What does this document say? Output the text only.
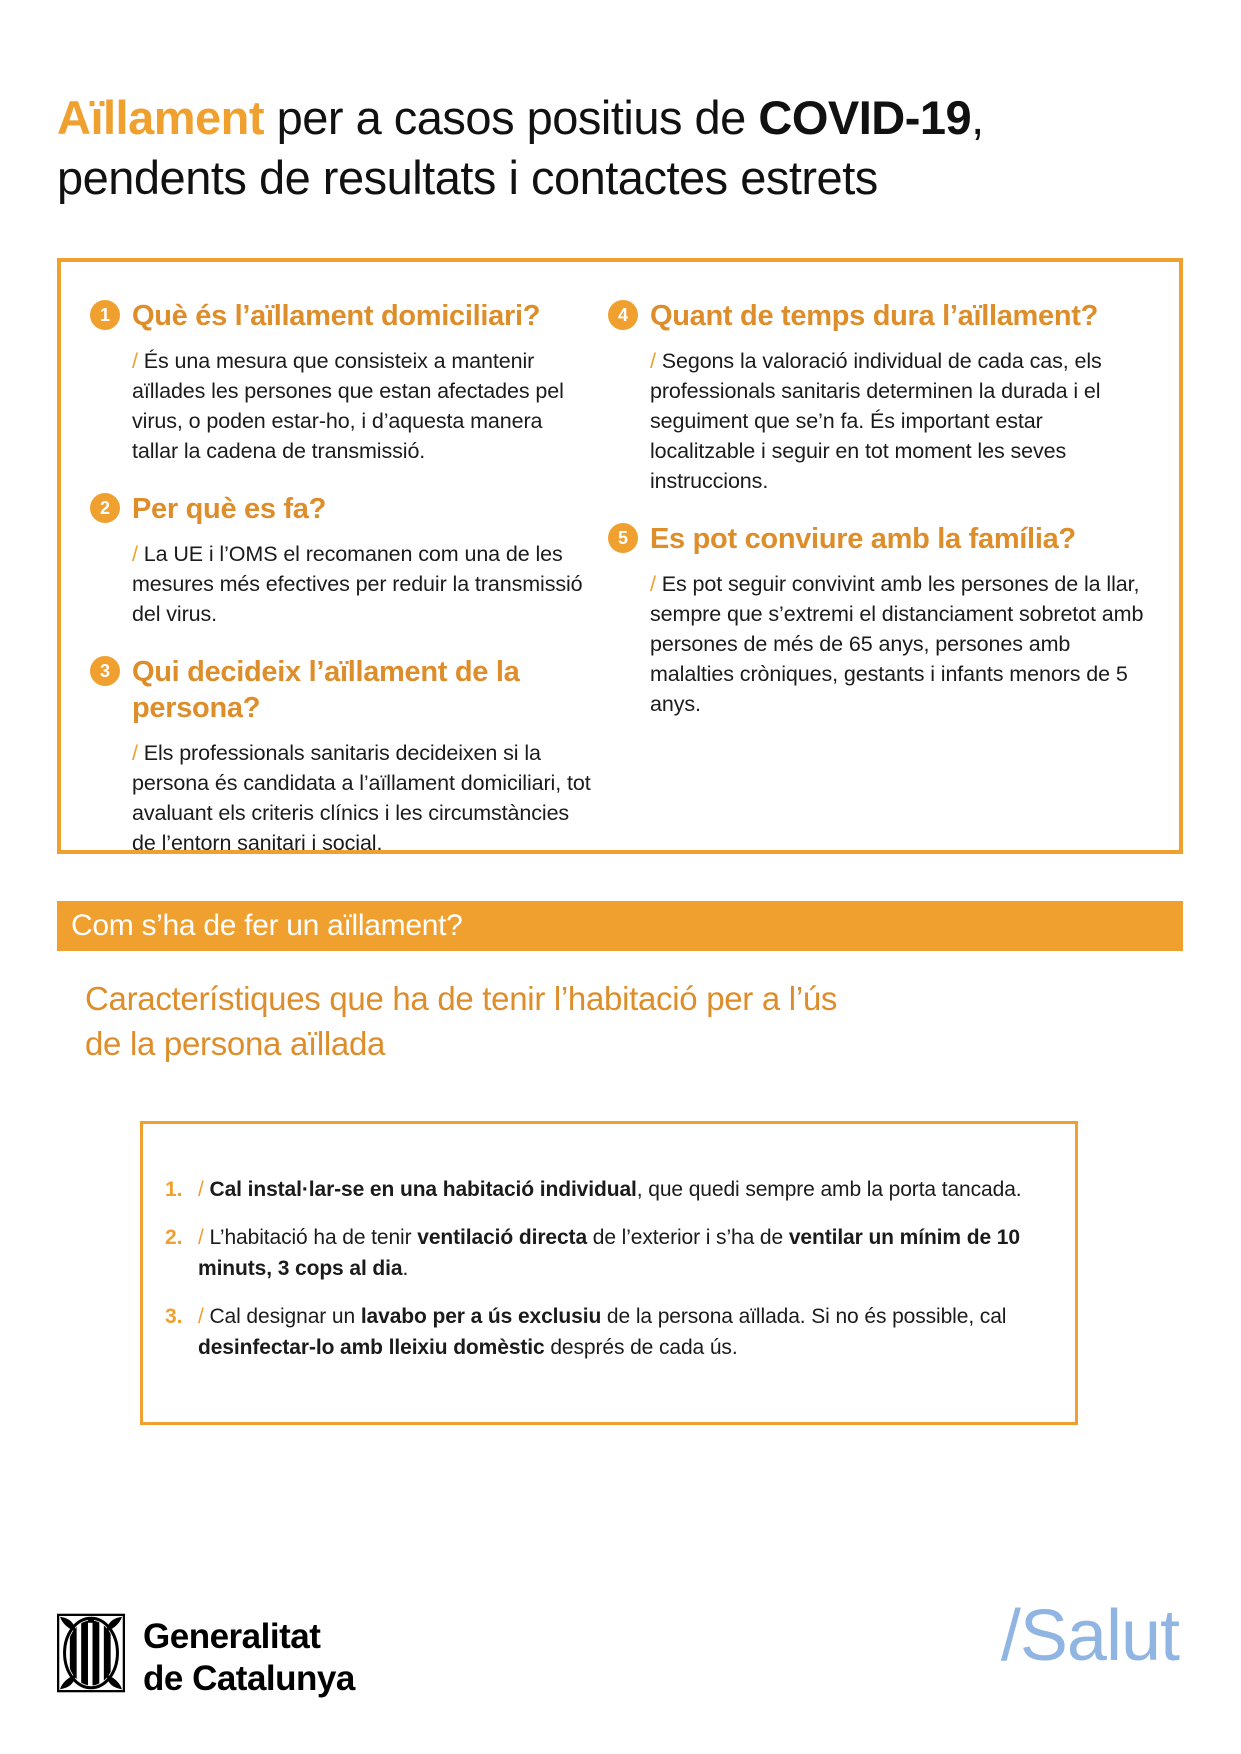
Aïllament per a casos positius de COVID-19,
pendents de resultats i contactes estrets
1 Què és l’aïllament domiciliari?

/ És una mesura que consisteix a mantenir aïllades les persones que estan afectades pel virus, o poden estar-ho, i d’aquesta manera tallar la cadena de transmissió.

2 Per què es fa?

/ La UE i l’OMS el recomanen com una de les mesures més efectives per reduir la transmissió del virus.

3 Qui decideix l’aïllament de la persona?

/ Els professionals sanitaris decideixen si la persona és candidata a l’aïllament domiciliari, tot avaluant els criteris clínics i les circumstàncies de l’entorn sanitari i social.

4 Quant de temps dura l’aïllament?

/ Segons la valoració individual de cada cas, els professionals sanitaris determinen la durada i el seguiment que se’n fa. És important estar localitzable i seguir en tot moment les seves instruccions.

5 Es pot conviure amb la família?

/ Es pot seguir convivint amb les persones de la llar, sempre que s’extremi el distanciament sobretot amb persones de més de 65 anys, persones amb malalties cròniques, gestants i infants menors de 5 anys.

Com s’ha de fer un aïllament?
Característiques que ha de tenir l’habitació per a l’ús
de la persona aïllada
1. / Cal instal·lar-se en una habitació individual, que quedi sempre amb la porta tancada.

2. / L’habitació ha de tenir ventilació directa de l’exterior i s’ha de ventilar un mínim de 10 minuts, 3 cops al dia.

3. / Cal designar un lavabo per a ús exclusiu de la persona aïllada. Si no és possible, cal desinfectar-lo amb lleixiu domèstic després de cada ús.

Generalitat
de Catalunya
/Salut
